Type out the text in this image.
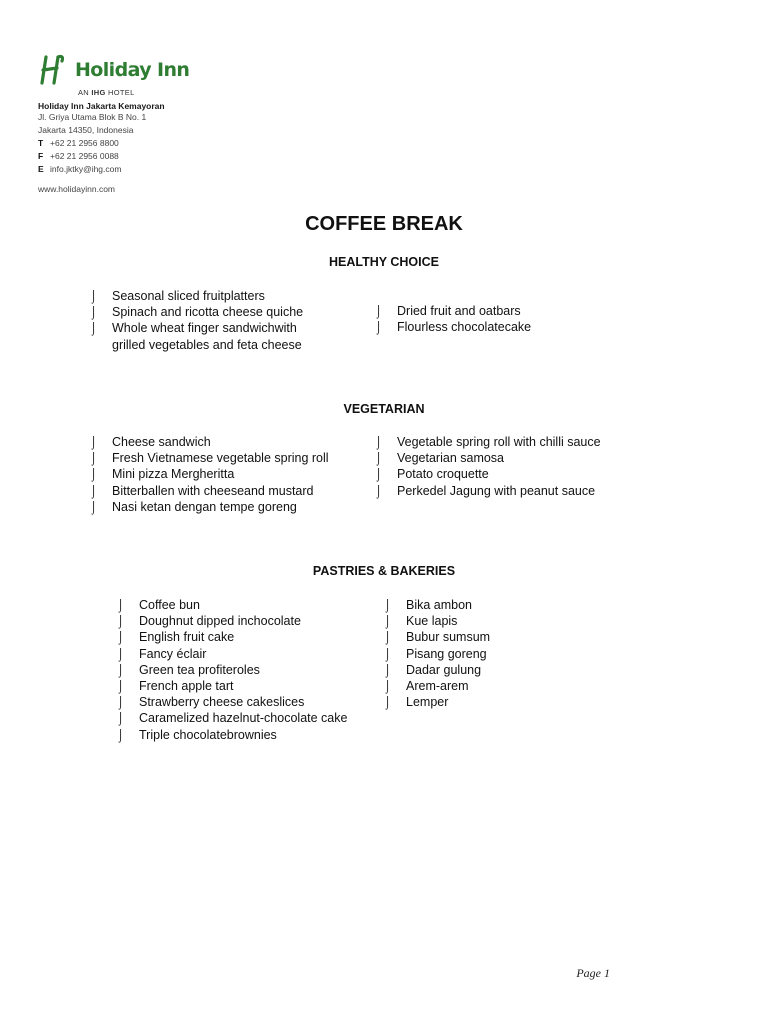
Holiday Inn
AN IHG HOTEL
Holiday Inn Jakarta Kemayoran
Jl. Griya Utama Blok B No. 1
Jakarta 14350, Indonesia
T +62 21 2956 8800
F +62 21 2956 0088
E info.jktky@ihg.com
www.holidayinn.com
COFFEE BREAK
HEALTHY CHOICE
⌡ Seasonal sliced fruitplatters
⌡ Spinach and ricotta cheese quiche
⌡ Whole wheat finger sandwichwith
grilled vegetables and feta cheese
⌡ Dried fruit and oatbars
⌡ Flourless chocolatecake
VEGETARIAN
⌡ Cheese sandwich
⌡ Fresh Vietnamese vegetable spring roll
⌡ Mini pizza Mergheritta
⌡ Bitterballen with cheeseand mustard
⌡ Nasi ketan dengan tempe goreng
⌡ Vegetable spring roll with chilli sauce
⌡ Vegetarian samosa
⌡ Potato croquette
⌡ Perkedel Jagung with peanut sauce
PASTRIES & BAKERIES
⌡ Coffee bun
⌡ Doughnut dipped inchocolate
⌡ English fruit cake
⌡ Fancy éclair
⌡ Green tea profiteroles
⌡ French apple tart
⌡ Strawberry cheese cakeslices
⌡ Caramelized hazelnut-chocolate cake
⌡ Triple chocolatebrownies
⌡ Bika ambon
⌡ Kue lapis
⌡ Bubur sumsum
⌡ Pisang goreng
⌡ Dadar gulung
⌡ Arem-arem
⌡ Lemper
Page 1
